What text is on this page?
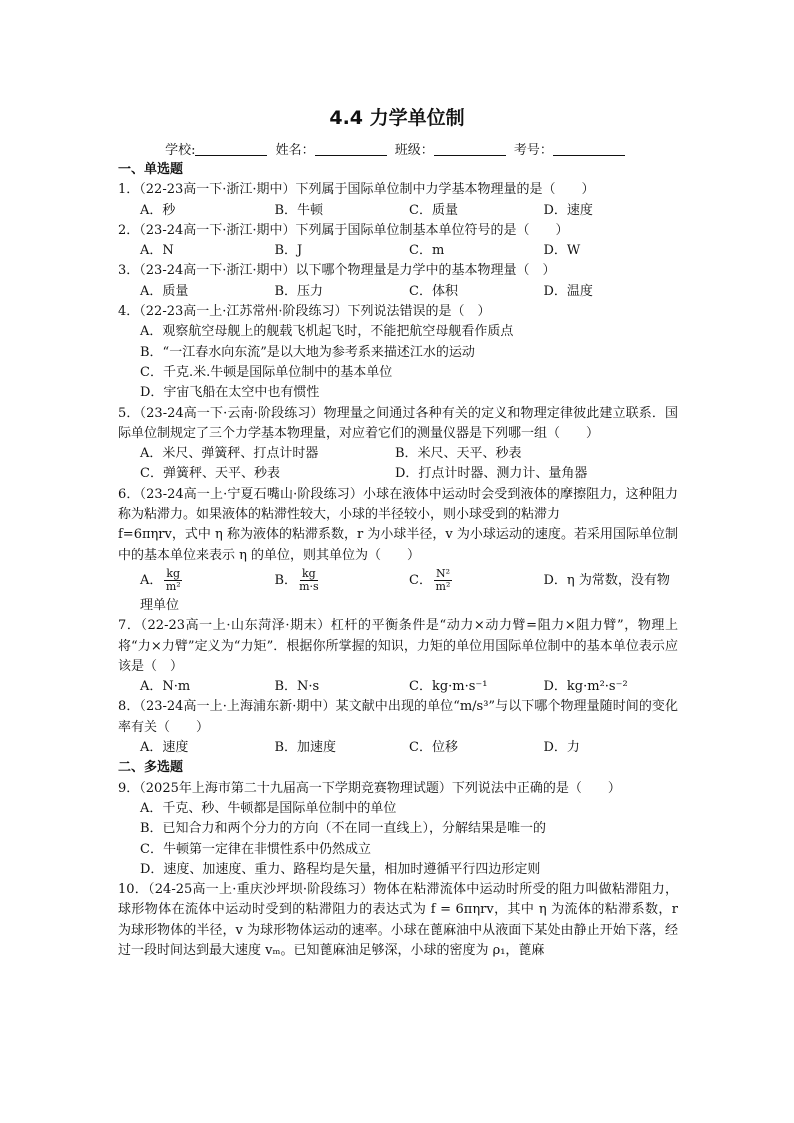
4.4 力学单位制
学校:	姓名：	班级：	考号：
一、单选题
1．（22-23高一下·浙江·期中）下列属于国际单位制中力学基本物理量的是（　　）
A．秒	B．牛顿	C．质量	D．速度
2．（23-24高一下·浙江·期中）下列属于国际单位制基本单位符号的是（　　）
A．N	B．J	C．m	D．W
3．（23-24高一下·浙江·期中）以下哪个物理量是力学中的基本物理量（　）
A．质量	B．压力	C．体积	D．温度
4．（22-23高一上·江苏常州·阶段练习）下列说法错误的是（　）
A．观察航空母舰上的舰载飞机起飞时，不能把航空母舰看作质点
B．“一江春水向东流”是以大地为参考系来描述江水的运动
C．千克.米.牛顿是国际单位制中的基本单位
D．宇宙飞船在太空中也有惯性
5．（23-24高一下·云南·阶段练习）物理量之间通过各种有关的定义和物理定律彼此建立联系．国际单位制规定了三个力学基本物理量，对应着它们的测量仪器是下列哪一组（　　）
A．米尺、弹簧秤、打点计时器	B．米尺、天平、秒表
C．弹簧秤、天平、秒表	D．打点计时器、测力计、量角器
6．（23-24高一上·宁夏石嘴山·阶段练习）小球在液体中运动时会受到液体的摩擦阻力，这种阻力称为粘滞力。如果液体的粘滞性较大，小球的半径较小，则小球受到的粘滞力
f=6πηrv，式中 η 称为液体的粘滞系数，r 为小球半径，v 为小球运动的速度。若采用国际单位制中的基本单位来表示 η 的单位，则其单位为（　　）
A． $\frac{kg}{\text{m²}}$	B． $\frac{kg}{m\cdot s}$	C． $\frac{\text{N²}}{\text{m²}}$	D．η 为常数，没有物
理单位
7．（22-23高一上·山东菏泽·期末）杠杆的平衡条件是“动力×动力臂=阻力×阻力臂”，物理上将“力×力臂”定义为“力矩”．根据你所掌握的知识，力矩的单位用国际单位制中的基本单位表示应该是（　）
A．N·m	B．N·s	C．kg·m·s⁻¹	D．kg·m²·s⁻²
8．（23-24高一上·上海浦东新·期中）某文献中出现的单位“m/s³”与以下哪个物理量随时间的变化率有关（　　）
A．速度	B．加速度	C．位移	D．力
二、多选题
9．（2025年上海市第二十九届高一下学期竞赛物理试题）下列说法中正确的是（　　）
A．千克、秒、牛顿都是国际单位制中的单位
B．已知合力和两个分力的方向（不在同一直线上），分解结果是唯一的
C．牛顿第一定律在非惯性系中仍然成立
D．速度、加速度、重力、路程均是矢量，相加时遵循平行四边形定则
10．（24-25高一上·重庆沙坪坝·阶段练习）物体在粘滞流体中运动时所受的阻力叫做粘滞阻力，球形物体在流体中运动时受到的粘滞阻力的表达式为 f = 6πηrv，其中 η 为流体的粘滞系数，r 为球形物体的半径，v 为球形物体运动的速率。小球在蓖麻油中从液面下某处由静止开始下落，经过一段时间达到最大速度 vₘ。已知蓖麻油足够深，小球的密度为 ρ₁，蓖麻
